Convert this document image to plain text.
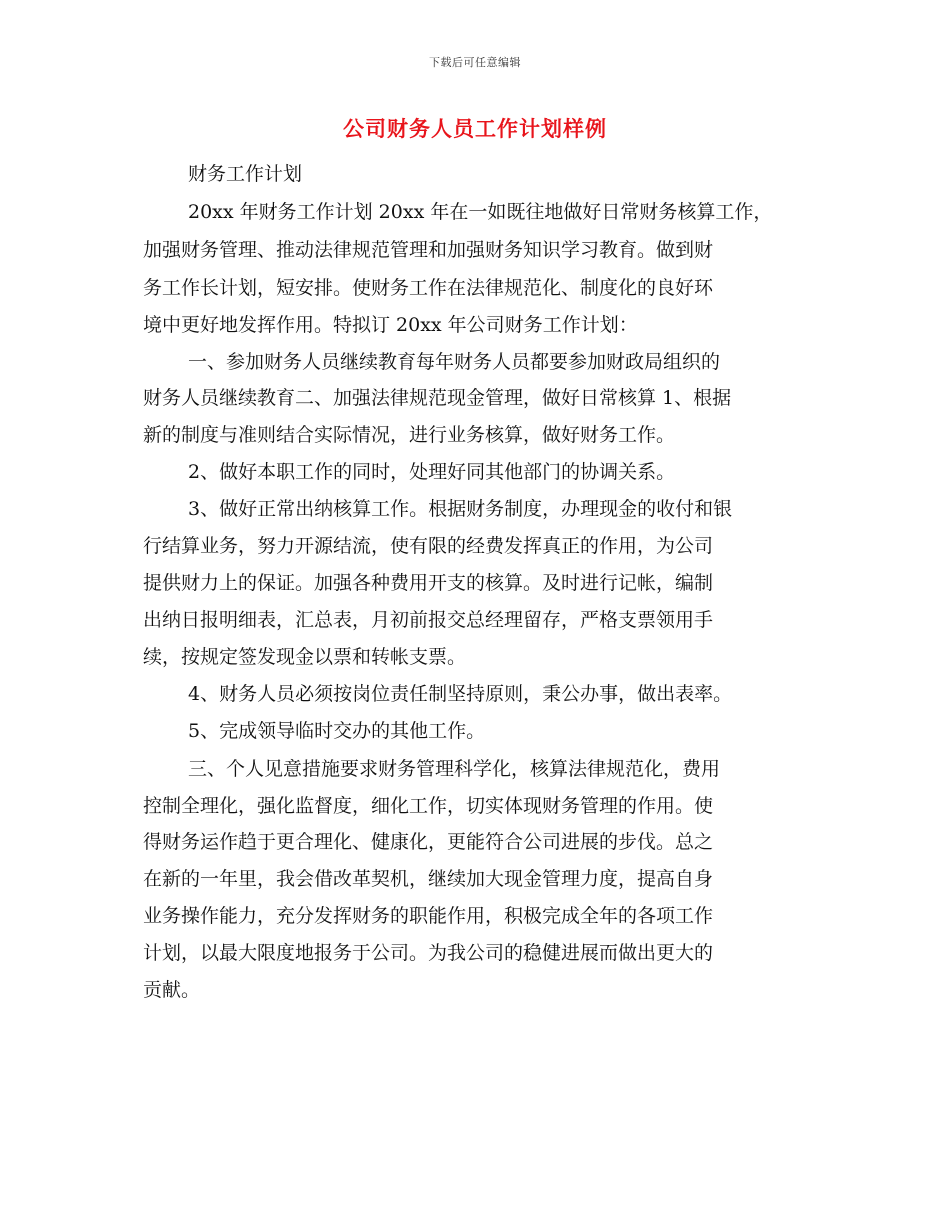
下载后可任意编辑
公司财务人员工作计划样例
财务工作计划
20xx 年财务工作计划 20xx 年在一如既往地做好日常财务核算工作，
加强财务管理、推动法律规范管理和加强财务知识学习教育。做到财
务工作长计划，短安排。使财务工作在法律规范化、制度化的良好环
境中更好地发挥作用。特拟订 20xx 年公司财务工作计划：
一、参加财务人员继续教育每年财务人员都要参加财政局组织的
财务人员继续教育二、加强法律规范现金管理，做好日常核算 1、根据
新的制度与准则结合实际情况，进行业务核算，做好财务工作。
2、做好本职工作的同时，处理好同其他部门的协调关系。
3、做好正常出纳核算工作。根据财务制度，办理现金的收付和银
行结算业务，努力开源结流，使有限的经费发挥真正的作用，为公司
提供财力上的保证。加强各种费用开支的核算。及时进行记帐，编制
出纳日报明细表，汇总表，月初前报交总经理留存，严格支票领用手
续，按规定签发现金以票和转帐支票。
4、财务人员必须按岗位责任制坚持原则，秉公办事，做出表率。
5、完成领导临时交办的其他工作。
三、个人见意措施要求财务管理科学化，核算法律规范化，费用
控制全理化，强化监督度，细化工作，切实体现财务管理的作用。使
得财务运作趋于更合理化、健康化，更能符合公司进展的步伐。总之
在新的一年里，我会借改革契机，继续加大现金管理力度，提高自身
业务操作能力，充分发挥财务的职能作用，积极完成全年的各项工作
计划，以最大限度地报务于公司。为我公司的稳健进展而做出更大的
贡献。
